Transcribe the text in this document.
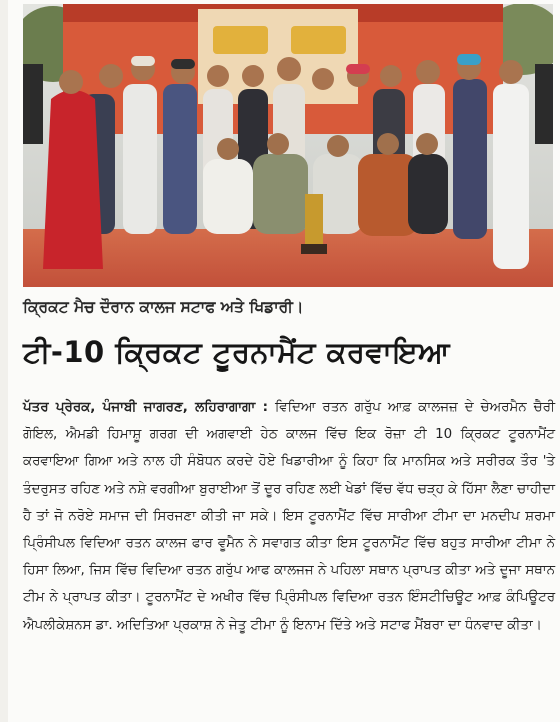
ਕ੍ਰਿਕਟ ਮੈਚ ਦੌਰਾਨ ਕਾਲਜ ਸਟਾਫ ਅਤੇ ਖਿਡਾਰੀ।
ਟੀ-10 ਕ੍ਰਿਕਟ ਟੂਰਨਾਮੈਂਟ ਕਰਵਾਇਆ
ਪੱਤਰ ਪ੍ਰੇਰਕ, ਪੰਜਾਬੀ ਜਾਗਰਣ, ਲਹਿਰਾਗਾਗਾ : ਵਿਦਿਆ ਰਤਨ ਗਰੁੱਪ ਆਫ਼ ਕਾਲਜਜ਼ ਦੇ ਚੇਅਰਮੈਨ ਚੈਰੀ ਗੋਇਲ, ਐਮਡੀ ਹਿਮਾਸ਼ੂ ਗਰਗ ਦੀ ਅਗਵਾਈ ਹੇਠ ਕਾਲਜ ਵਿੱਚ ਇਕ ਰੋਜ਼ਾ ਟੀ 10 ਕ੍ਰਿਕਟ ਟੂਰਨਾਮੈਂਟ ਕਰਵਾਇਆ ਗਿਆ ਅਤੇ ਨਾਲ ਹੀ ਸੰਬੋਧਨ ਕਰਦੇ ਹੋਏ ਖਿਡਾਰੀਆ ਨੂੰ ਕਿਹਾ ਕਿ ਮਾਨਸਿਕ ਅਤੇ ਸਰੀਰਕ ਤੌਰ 'ਤੇ ਤੰਦਰੁਸਤ ਰਹਿਣ ਅਤੇ ਨਸ਼ੇ ਵਰਗੀਆ ਬੁਰਾਈਆ ਤੋਂ ਦੂਰ ਰਹਿਣ ਲਈ ਖੇਡਾਂ ਵਿੱਚ ਵੱਧ ਚੜ੍ਹ ਕੇ ਹਿੱਸਾ ਲੈਣਾ ਚਾਹੀਦਾ ਹੈ ਤਾਂ ਜੋ ਨਰੋਏ ਸਮਾਜ ਦੀ ਸਿਰਜਣਾ ਕੀਤੀ ਜਾ ਸਕੇ। ਇਸ ਟੂਰਨਾਮੈਂਟ ਵਿੱਚ ਸਾਰੀਆ ਟੀਮਾ ਦਾ ਮਨਦੀਪ ਸ਼ਰਮਾ ਪ੍ਰਿੰਸੀਪਲ ਵਿਦਿਆ ਰਤਨ ਕਾਲਜ ਫਾਰ ਵੂਮੈਨ ਨੇ ਸਵਾਗਤ ਕੀਤਾ ਇਸ ਟੂਰਨਾਮੈਂਟ ਵਿੱਚ ਬਹੁਤ ਸਾਰੀਆ ਟੀਮਾ ਨੇ ਹਿਸਾ ਲਿਆ, ਜਿਸ ਵਿੱਚ ਵਿਦਿਆ ਰਤਨ ਗਰੁੱਪ ਆਫ ਕਾਲਜਜ ਨੇ ਪਹਿਲਾ ਸਥਾਨ ਪ੍ਰਾਪਤ ਕੀਤਾ ਅਤੇ ਦੂਜਾ ਸਥਾਨ ਟੀਮ ਨੇ ਪ੍ਰਾਪਤ ਕੀਤਾ। ਟੂਰਨਾਮੈਂਟ ਦੇ ਅਖੀਰ ਵਿੱਚ ਪ੍ਰਿੰਸੀਪਲ ਵਿਦਿਆ ਰਤਨ ਇੰਸਟੀਚਿਊਟ ਆਫ਼ ਕੰਪਿਊਟਰ ਐਪਲੀਕੇਸ਼ਨਸ ਡਾ. ਅਦਿਤਿਆ ਪ੍ਰਕਾਸ਼ ਨੇ ਜੇਤੂ ਟੀਮਾ ਨੂੰ ਇਨਾਮ ਦਿੱਤੇ ਅਤੇ ਸਟਾਫ ਮੈਂਬਰਾ ਦਾ ਧੰਨਵਾਦ ਕੀਤਾ।
